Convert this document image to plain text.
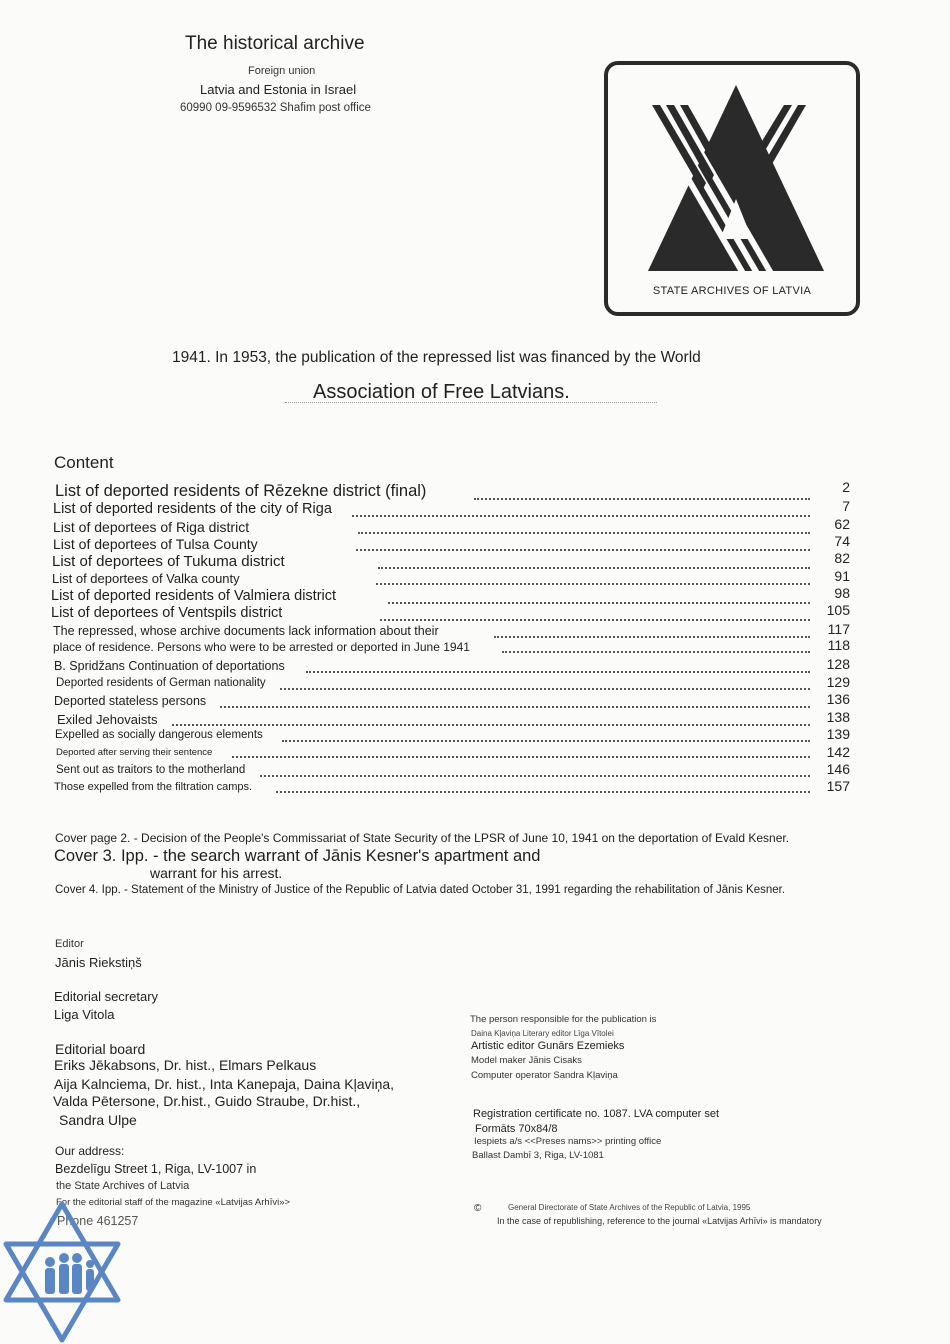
The historical archive
Foreign union
Latvia and Estonia in Israel
60990 09-9596532 Shafim post office
STATE ARCHIVES OF LATVIA
1941. In 1953, the publication of the repressed list was financed by the World
Association of Free Latvians.
Content
List of deported residents of Rēzekne district (final)	2
List of deported residents of the city of Riga	7
List of deportees of Riga district	62
List of deportees of Tulsa County	74
List of deportees of Tukuma district	82
List of deportees of Valka county	91
List of deported residents of Valmiera district	98
List of deportees of Ventspils district	105
The repressed, whose archive documents lack information about their	117
place of residence. Persons who were to be arrested or deported in June 1941	118
B. Spridžans Continuation of deportations	128
Deported residents of German nationality	129
Deported stateless persons	136
Exiled Jehovaists	138
Expelled as socially dangerous elements	139
Deported after serving their sentence	142
Sent out as traitors to the motherland	146
Those expelled from the filtration camps.	157
Cover page 2. - Decision of the People's Commissariat of State Security of the LPSR of June 10, 1941 on the deportation of Evald Kesner.
Cover 3. Ipp. - the search warrant of Jānis Kesner's apartment and
warrant for his arrest.
Cover 4. Ipp. - Statement of the Ministry of Justice of the Republic of Latvia dated October 31, 1991 regarding the rehabilitation of Jānis Kesner.
Editor
Jānis Riekstiņš
Editorial secretary
Liga Vitola
Editorial board
Eriks Jēkabsons, Dr. hist., Elmars Pelkaus
Aija Kalnciema, Dr. hist., Inta Kanepaja, Daina Kļaviņa,
Valda Pētersone, Dr.hist., Guido Straube, Dr.hist.,
Sandra Ulpe
Our address:
Bezdelīgu Street 1, Riga, LV-1007 in
the State Archives of Latvia
For the editorial staff of the magazine «Latvijas Arhīvi»>
Phone 461257
The person responsible for the publication is
Daina Kļaviņa Literary editor Līga Vītolei
Artistic editor Gunārs Ezemieks
Model maker Jānis Cisaks
Computer operator Sandra Kļaviņa
Registration certificate no. 1087. LVA computer set
Formāts 70x84/8
Iespiets a/s <<Preses nams>> printing office
Ballast Dambī 3, Riga, LV-1081
©	General Directorate of State Archives of the Republic of Latvia, 1995
In the case of republishing, reference to the journal «Latvijas Arhīvi» is mandatory
